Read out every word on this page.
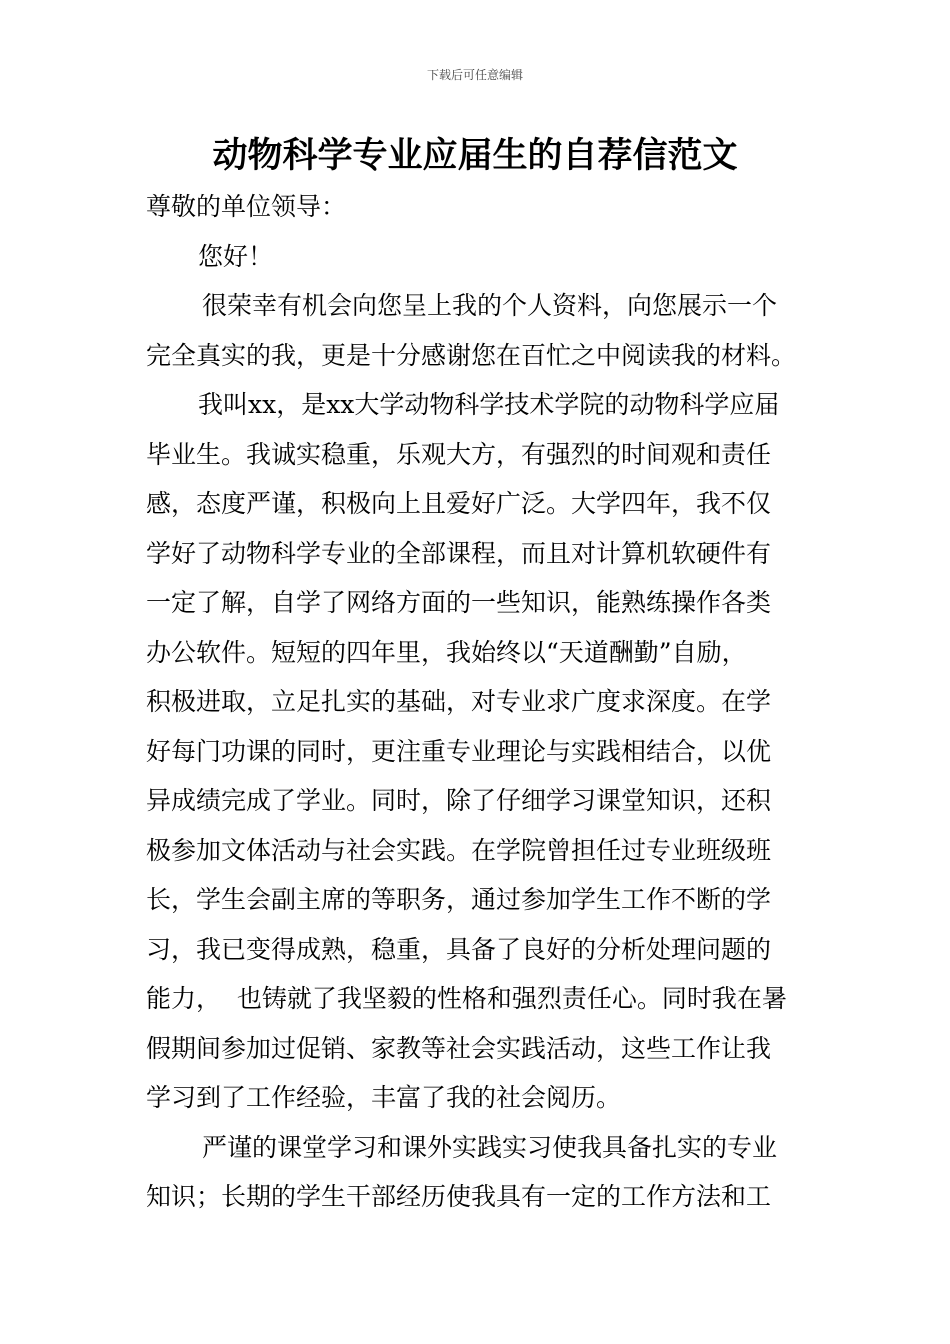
下载后可任意编辑
动物科学专业应届生的自荐信范文
尊敬的单位领导：
您好！
很荣幸有机会向您呈上我的个人资料，向您展示一个
完全真实的我，更是十分感谢您在百忙之中阅读我的材料。
我叫xx，是xx大学动物科学技术学院的动物科学应届
毕业生。我诚实稳重，乐观大方，有强烈的时间观和责任
感，态度严谨，积极向上且爱好广泛。大学四年，我不仅
学好了动物科学专业的全部课程，而且对计算机软硬件有
一定了解，自学了网络方面的一些知识，能熟练操作各类
办公软件。短短的四年里，我始终以“天道酬勤”自励，
积极进取，立足扎实的基础，对专业求广度求深度。在学
好每门功课的同时，更注重专业理论与实践相结合，以优
异成绩完成了学业。同时，除了仔细学习课堂知识，还积
极参加文体活动与社会实践。在学院曾担任过专业班级班
长，学生会副主席的等职务，通过参加学生工作不断的学
习，我已变得成熟，稳重，具备了良好的分析处理问题的
能力，  也铸就了我坚毅的性格和强烈责任心。同时我在暑
假期间参加过促销、家教等社会实践活动，这些工作让我
学习到了工作经验，丰富了我的社会阅历。
严谨的课堂学习和课外实践实习使我具备扎实的专业
知识；长期的学生干部经历使我具有一定的工作方法和工
